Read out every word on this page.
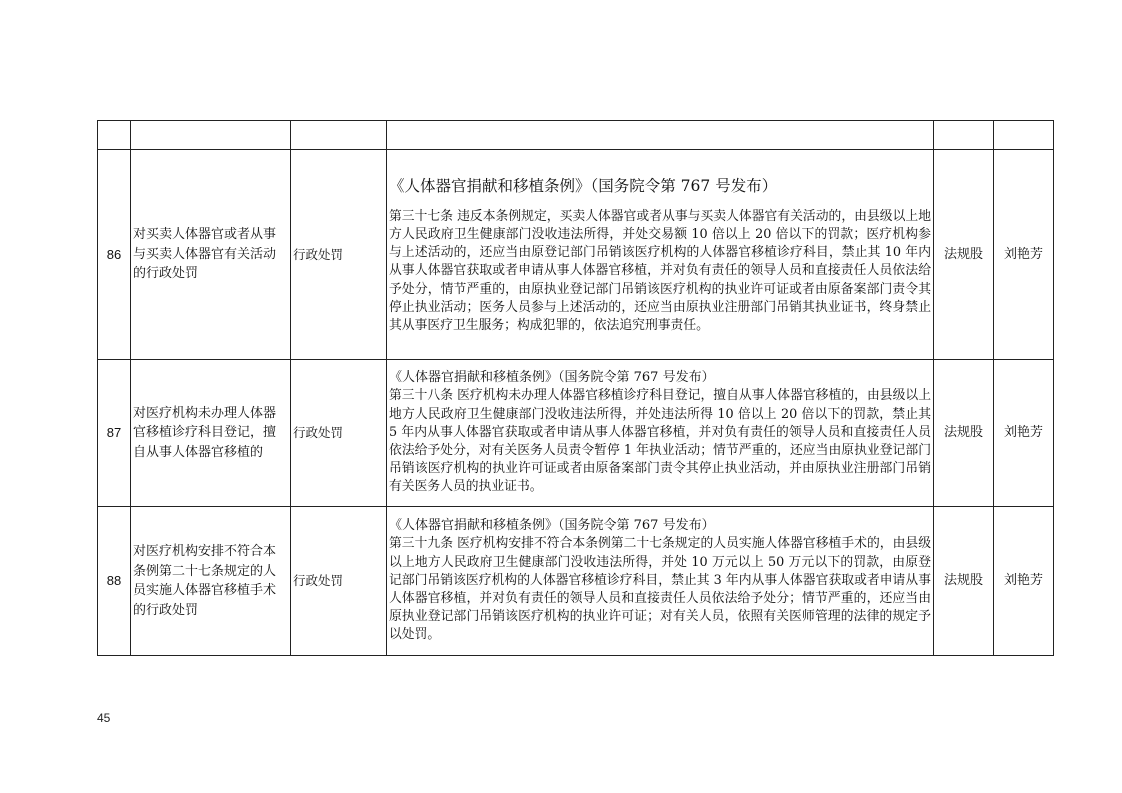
86	对买卖人体器官或者从事与买卖人体器官有关活动的行政处罚	行政处罚	《人体器官捐献和移植条例》（国务院令第 767 号发布）
第三十七条 违反本条例规定，买卖人体器官或者从事与买卖人体器官有关活动的，由县级以上地方人民政府卫生健康部门没收违法所得，并处交易额 10 倍以上 20 倍以下的罚款；医疗机构参与上述活动的，还应当由原登记部门吊销该医疗机构的人体器官移植诊疗科目，禁止其 10 年内从事人体器官获取或者申请从事人体器官移植，并对负有责任的领导人员和直接责任人员依法给予处分，情节严重的，由原执业登记部门吊销该医疗机构的执业许可证或者由原备案部门责令其停止执业活动；医务人员参与上述活动的，还应当由原执业注册部门吊销其执业证书，终身禁止其从事医疗卫生服务；构成犯罪的，依法追究刑事责任。	法规股	刘艳芳
87	对医疗机构未办理人体器官移植诊疗科目登记，擅自从事人体器官移植的	行政处罚	《人体器官捐献和移植条例》（国务院令第 767 号发布）
第三十八条 医疗机构未办理人体器官移植诊疗科目登记，擅自从事人体器官移植的，由县级以上地方人民政府卫生健康部门没收违法所得，并处违法所得 10 倍以上 20 倍以下的罚款，禁止其 5 年内从事人体器官获取或者申请从事人体器官移植，并对负有责任的领导人员和直接责任人员依法给予处分，对有关医务人员责令暂停 1 年执业活动；情节严重的，还应当由原执业登记部门吊销该医疗机构的执业许可证或者由原备案部门责令其停止执业活动，并由原执业注册部门吊销有关医务人员的执业证书。	法规股	刘艳芳
88	对医疗机构安排不符合本条例第二十七条规定的人员实施人体器官移植手术的行政处罚	行政处罚	《人体器官捐献和移植条例》（国务院令第 767 号发布）
第三十九条 医疗机构安排不符合本条例第二十七条规定的人员实施人体器官移植手术的，由县级以上地方人民政府卫生健康部门没收违法所得，并处 10 万元以上 50 万元以下的罚款，由原登记部门吊销该医疗机构的人体器官移植诊疗科目，禁止其 3 年内从事人体器官获取或者申请从事人体器官移植，并对负有责任的领导人员和直接责任人员依法给予处分；情节严重的，还应当由原执业登记部门吊销该医疗机构的执业许可证；对有关人员，依照有关医师管理的法律的规定予以处罚。	法规股	刘艳芳
45
